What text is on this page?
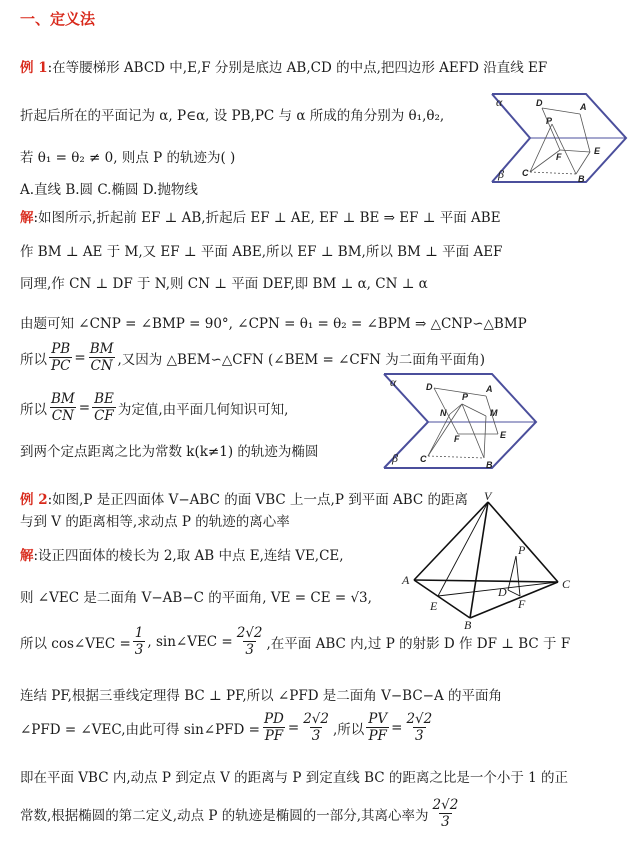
一、定义法
例 1:在等腰梯形 ABCD 中,E,F 分别是底边 AB,CD 的中点,把四边形 AEFD 沿直线 EF
折起后所在的平面记为 α, P∈α, 设 PB,PC 与 α 所成的角分别为 θ₁,θ₂,
若 θ₁ = θ₂ ≠ 0, 则点 P 的轨迹为( )
A.直线 B.圆 C.椭圆 D.抛物线
解:如图所示,折起前 EF ⊥ AB,折起后 EF ⊥ AE, EF ⊥ BE ⇒ EF ⊥ 平面 ABE
作 BM ⊥ AE 于 M,又 EF ⊥ 平面 ABE,所以 EF ⊥ BM,所以 BM ⊥ 平面 AEF
同理,作 CN ⊥ DF 于 N,则 CN ⊥ 平面 DEF,即 BM ⊥ α, CN ⊥ α
由题可知 ∠CNP = ∠BMP = 90°, ∠CPN = θ₁ = θ₂ = ∠BPM ⇒ △CNP∽△BMP
所以 $\frac{PB}{PC} = \frac{BM}{CN}$ ,又因为 △BEM∽△CFN (∠BEM = ∠CFN 为二面角平面角)
所以 $\frac{BM}{CN} = \frac{BE}{CF}$ 为定值,由平面几何知识可知,
到两个定点距离之比为常数 k(k≠1) 的轨迹为椭圆
α	D
P
A
F
E
β C
B
α	D
P
A
N	M
F	E
β C
B
例 2:如图,P 是正四面体 V−ABC 的面 VBC 上一点,P 到平面 ABC 的距离
与到 V 的距离相等,求动点 P 的轨迹的离心率
解:设正四面体的棱长为 2,取 AB 中点 E,连结 VE,CE,
则 ∠VEC 是二面角 V−AB−C 的平面角, VE = CE = √3,
所以 cos∠VEC = $\frac{1}{3}$ , sin∠VEC = $\frac{2√2}{3}$ ,在平面 ABC 内,过 P 的射影 D 作 DF ⊥ BC 于 F
连结 PF,根据三垂线定理得 BC ⊥ PF,所以 ∠PFD 是二面角 V−BC−A 的平面角
∠PFD = ∠VEC,由此可得 sin∠PFD = $\frac{PD}{PF} = \frac{2√2}{3}$ ,所以 $\frac{PV}{PF} = \frac{2√2}{3}$
即在平面 VBC 内,动点 P 到定点 V 的距离与 P 到定直线 BC 的距离之比是一个小于 1 的正
常数,根据椭圆的第二定义,动点 P 的轨迹是椭圆的一部分,其离心率为
2√2
3
V
P
A	C
D
F
E
B
